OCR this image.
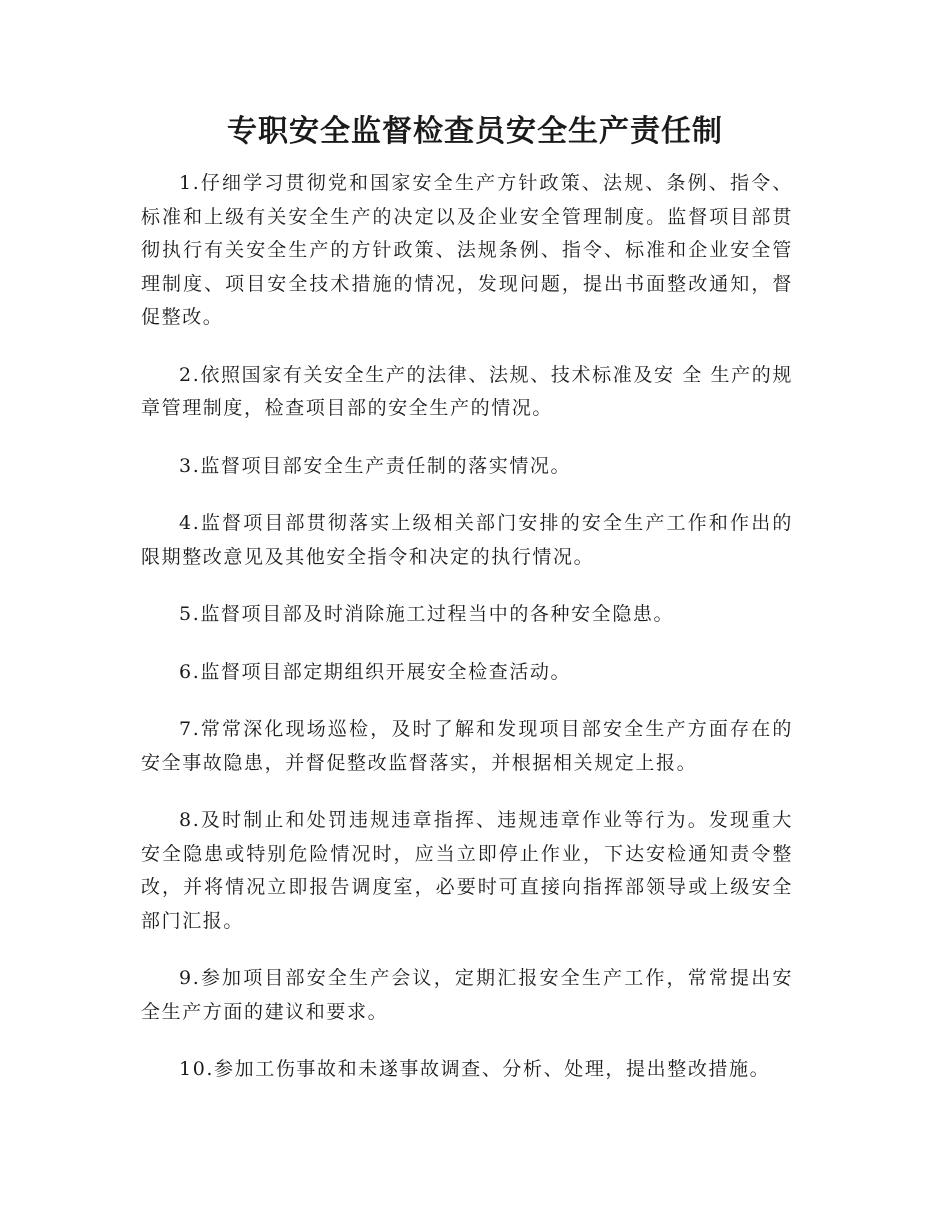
专职安全监督检查员安全生产责任制

1.仔细学习贯彻党和国家安全生产方针政策、法规、条例、指令、标准和上级有关安全生产的决定以及企业安全管理制度。监督项目部贯彻执行有关安全生产的方针政策、法规条例、指令、标准和企业安全管理制度、项目安全技术措施的情况，发现问题，提出书面整改通知，督促整改。

2.依照国家有关安全生产的法律、法规、技术标准及安 全 生产的规章管理制度，检查项目部的安全生产的情况。

3.监督项目部安全生产责任制的落实情况。

4.监督项目部贯彻落实上级相关部门安排的安全生产工作和作出的限期整改意见及其他安全指令和决定的执行情况。

5.监督项目部及时消除施工过程当中的各种安全隐患。

6.监督项目部定期组织开展安全检查活动。

7.常常深化现场巡检，及时了解和发现项目部安全生产方面存在的安全事故隐患，并督促整改监督落实，并根据相关规定上报。

8.及时制止和处罚违规违章指挥、违规违章作业等行为。发现重大安全隐患或特别危险情况时，应当立即停止作业，下达安检通知责令整改，并将情况立即报告调度室，必要时可直接向指挥部领导或上级安全部门汇报。

9.参加项目部安全生产会议，定期汇报安全生产工作，常常提出安全生产方面的建议和要求。

10.参加工伤事故和未遂事故调查、分析、处理，提出整改措施。
